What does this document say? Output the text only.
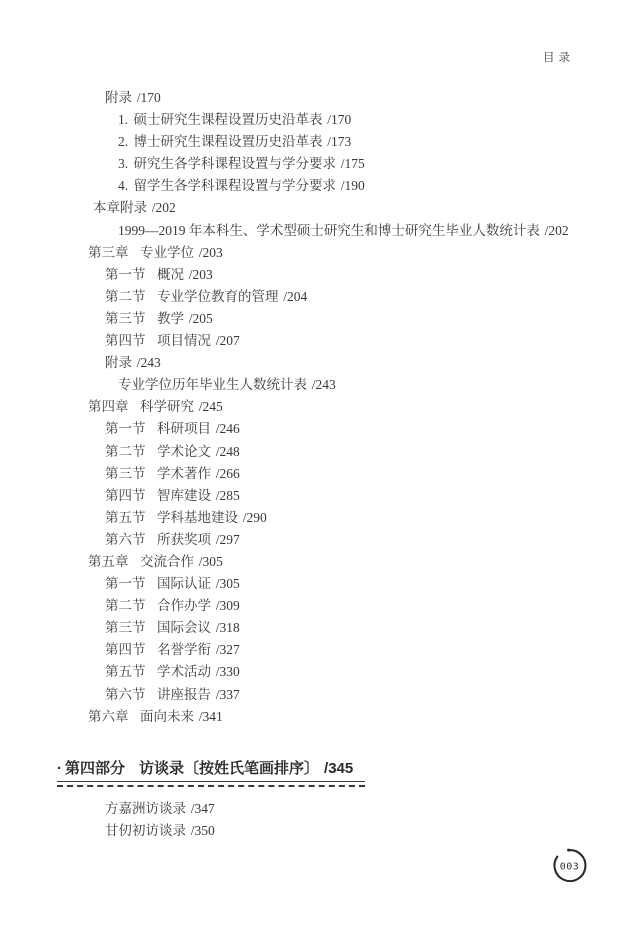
目录
附录 /170
1. 硕士研究生课程设置历史沿革表 /170
2. 博士研究生课程设置历史沿革表 /173
3. 研究生各学科课程设置与学分要求 /175
4. 留学生各学科课程设置与学分要求 /190
本章附录 /202
1999—2019 年本科生、学术型硕士研究生和博士研究生毕业人数统计表 /202
第三章 专业学位 /203
第一节 概况 /203
第二节 专业学位教育的管理 /204
第三节 教学 /205
第四节 项目情况 /207
附录 /243
专业学位历年毕业生人数统计表 /243
第四章 科学研究 /245
第一节 科研项目 /246
第二节 学术论文 /248
第三节 学术著作 /266
第四节 智库建设 /285
第五节 学科基地建设 /290
第六节 所获奖项 /297
第五章 交流合作 /305
第一节 国际认证 /305
第二节 合作办学 /309
第三节 国际会议 /318
第四节 名誉学衔 /327
第五节 学术活动 /330
第六节 讲座报告 /337
第六章 面向未来 /341
· 第四部分 访谈录〔按姓氏笔画排序〕 /345
方嘉洲访谈录 /347
甘仞初访谈录 /350
003
